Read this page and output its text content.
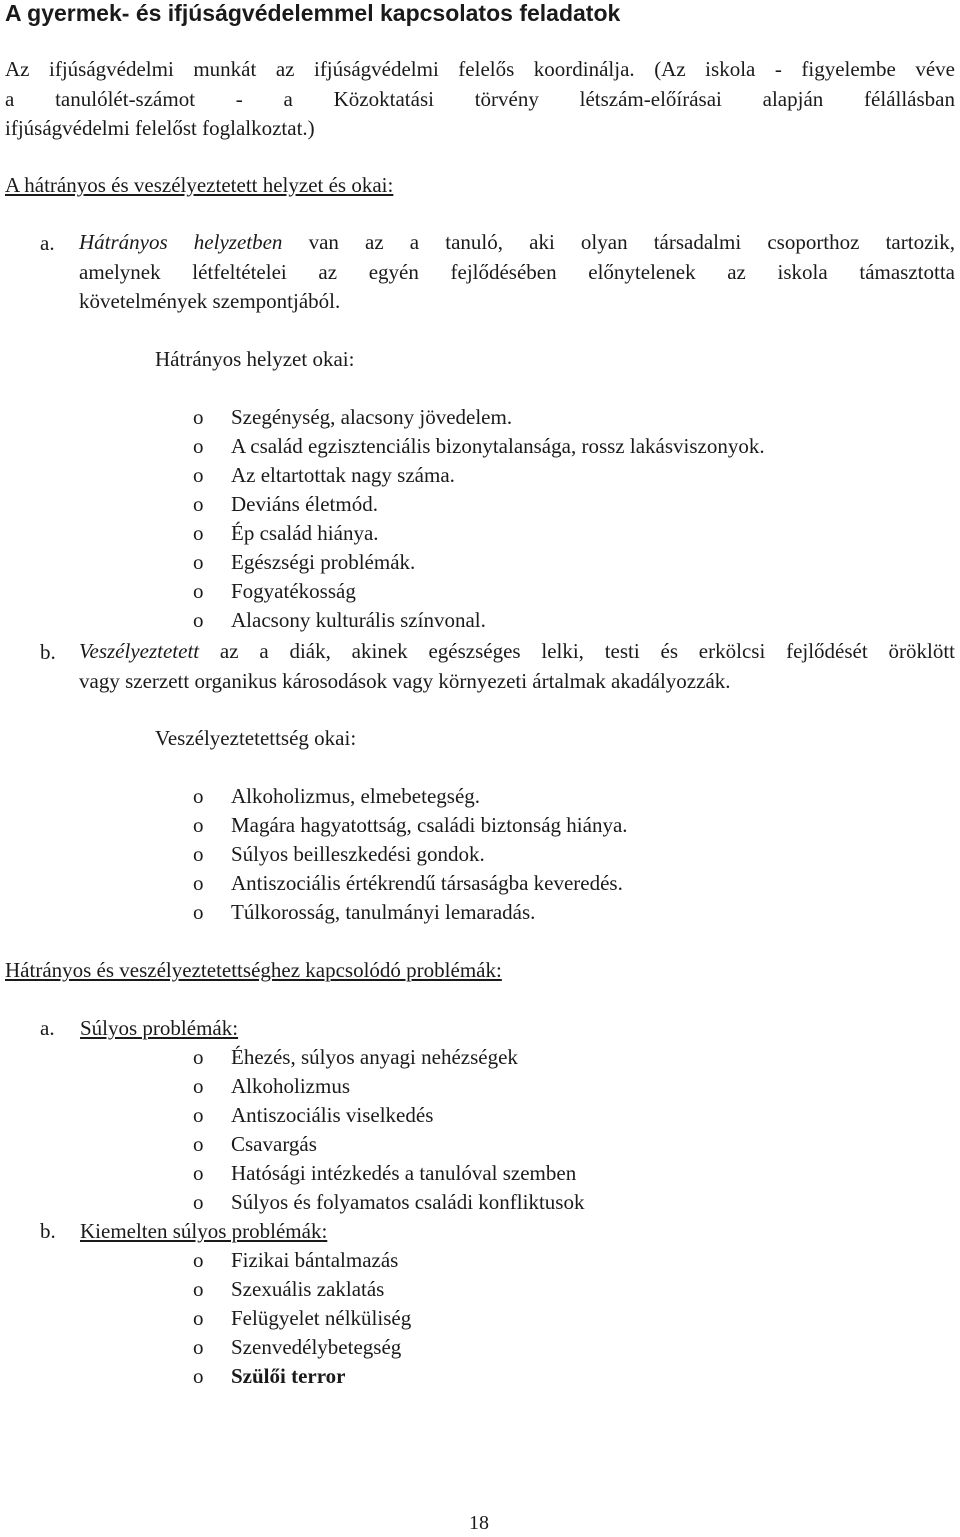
A gyermek- és ifjúságvédelemmel kapcsolatos feladatok
Az ifjúságvédelmi munkát az ifjúságvédelmi felelős koordinálja. (Az iskola - figyelembe véve
a tanulólét-számot - a Közoktatási törvény létszám-előírásai alapján félállásban
ifjúságvédelmi felelőst foglalkoztat.)
A hátrányos és veszélyeztetett helyzet és okai:
a. Hátrányos helyzetben van az a tanuló, aki olyan társadalmi csoporthoz tartozik,
amelynek létfeltételei az egyén fejlődésében előnytelenek az iskola támasztotta
követelmények szempontjából.
Hátrányos helyzet okai:
o Szegénység, alacsony jövedelem.
o A család egzisztenciális bizonytalansága, rossz lakásviszonyok.
o Az eltartottak nagy száma.
o Deviáns életmód.
o Ép család hiánya.
o Egészségi problémák.
o Fogyatékosság
o Alacsony kulturális színvonal.
b. Veszélyeztetett az a diák, akinek egészséges lelki, testi és erkölcsi fejlődését öröklött
vagy szerzett organikus károsodások vagy környezeti ártalmak akadályozzák.
Veszélyeztetettség okai:
o Alkoholizmus, elmebetegség.
o Magára hagyatottság, családi biztonság hiánya.
o Súlyos beilleszkedési gondok.
o Antiszociális értékrendű társaságba keveredés.
o Túlkorosság, tanulmányi lemaradás.
Hátrányos és veszélyeztetettséghez kapcsolódó problémák:
a. Súlyos problémák:
o Éhezés, súlyos anyagi nehézségek
o Alkoholizmus
o Antiszociális viselkedés
o Csavargás
o Hatósági intézkedés a tanulóval szemben
o Súlyos és folyamatos családi konfliktusok
b. Kiemelten súlyos problémák:
o Fizikai bántalmazás
o Szexuális zaklatás
o Felügyelet nélküliség
o Szenvedélybetegség
o Szülői terror
18
